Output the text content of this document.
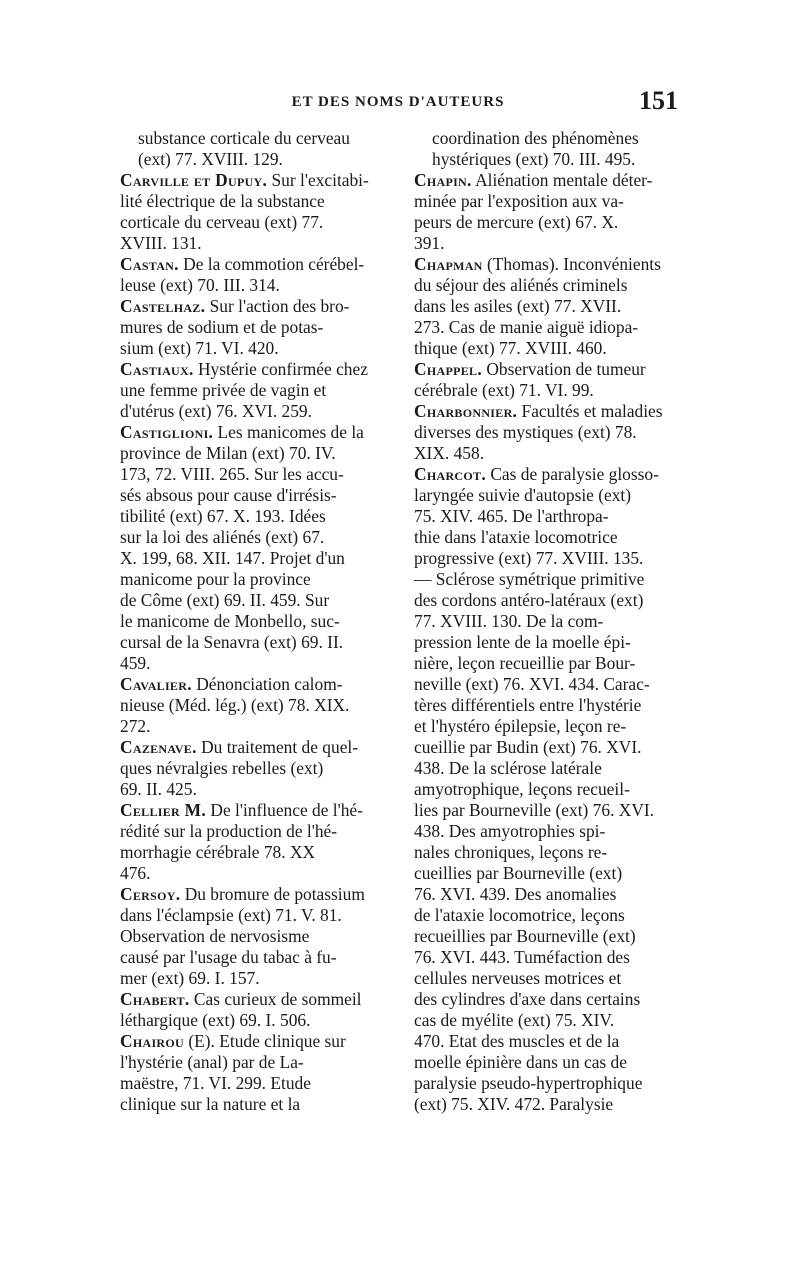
ET DES NOMS D'AUTEURS	151
substance corticale du cerveau
(ext) 77. XVIII. 129.
Carville et Dupuy. Sur l'excitabi-
lité électrique de la substance
corticale du cerveau (ext) 77.
XVIII. 131.
Castan. De la commotion cérébel-
leuse (ext) 70. III. 314.
Castelhaz. Sur l'action des bro-
mures de sodium et de potas-
sium (ext) 71. VI. 420.
Castiaux. Hystérie confirmée chez
une femme privée de vagin et
d'utérus (ext) 76. XVI. 259.
Castiglioni. Les manicomes de la
province de Milan (ext) 70. IV.
173, 72. VIII. 265. Sur les accu-
sés absous pour cause d'irrésis-
tibilité (ext) 67. X. 193. Idées
sur la loi des aliénés (ext) 67.
X. 199, 68. XII. 147. Projet d'un
manicome pour la province
de Côme (ext) 69. II. 459. Sur
le manicome de Monbello, suc-
cursal de la Senavra (ext) 69. II.
459.
Cavalier. Dénonciation calom-
nieuse (Méd. lég.) (ext) 78. XIX.
272.
Cazenave. Du traitement de quel-
ques névralgies rebelles (ext)
69. II. 425.
Cellier M. De l'influence de l'hé-
rédité sur la production de l'hé-
morrhagie cérébrale 78. XX
476.
Cersoy. Du bromure de potassium
dans l'éclampsie (ext) 71. V. 81.
Observation de nervosisme
causé par l'usage du tabac à fu-
mer (ext) 69. I. 157.
Chabert. Cas curieux de sommeil
léthargique (ext) 69. I. 506.
Chairou (E). Etude clinique sur
l'hystérie (anal) par de La-
maëstre, 71. VI. 299. Etude
clinique sur la nature et la
coordination des phénomènes
hystériques (ext) 70. III. 495.
Chapin. Aliénation mentale déter-
minée par l'exposition aux va-
peurs de mercure (ext) 67. X.
391.
Chapman (Thomas). Inconvénients
du séjour des aliénés criminels
dans les asiles (ext) 77. XVII.
273. Cas de manie aiguë idiopa-
thique (ext) 77. XVIII. 460.
Chappel. Observation de tumeur
cérébrale (ext) 71. VI. 99.
Charbonnier. Facultés et maladies
diverses des mystiques (ext) 78.
XIX. 458.
Charcot. Cas de paralysie glosso-
laryngée suivie d'autopsie (ext)
75. XIV. 465. De l'arthropa-
thie dans l'ataxie locomotrice
progressive (ext) 77. XVIII. 135.
— Sclérose symétrique primitive
des cordons antéro-latéraux (ext)
77. XVIII. 130. De la com-
pression lente de la moelle épi-
nière, leçon recueillie par Bour-
neville (ext) 76. XVI. 434. Carac-
tères différentiels entre l'hystérie
et l'hystéro épilepsie, leçon re-
cueillie par Budin (ext) 76. XVI.
438. De la sclérose latérale
amyotrophique, leçons recueil-
lies par Bourneville (ext) 76. XVI.
438. Des amyotrophies spi-
nales chroniques, leçons re-
cueillies par Bourneville (ext)
76. XVI. 439. Des anomalies
de l'ataxie locomotrice, leçons
recueillies par Bourneville (ext)
76. XVI. 443. Tuméfaction des
cellules nerveuses motrices et
des cylindres d'axe dans certains
cas de myélite (ext) 75. XIV.
470. Etat des muscles et de la
moelle épinière dans un cas de
paralysie pseudo-hypertrophique
(ext) 75. XIV. 472. Paralysie
